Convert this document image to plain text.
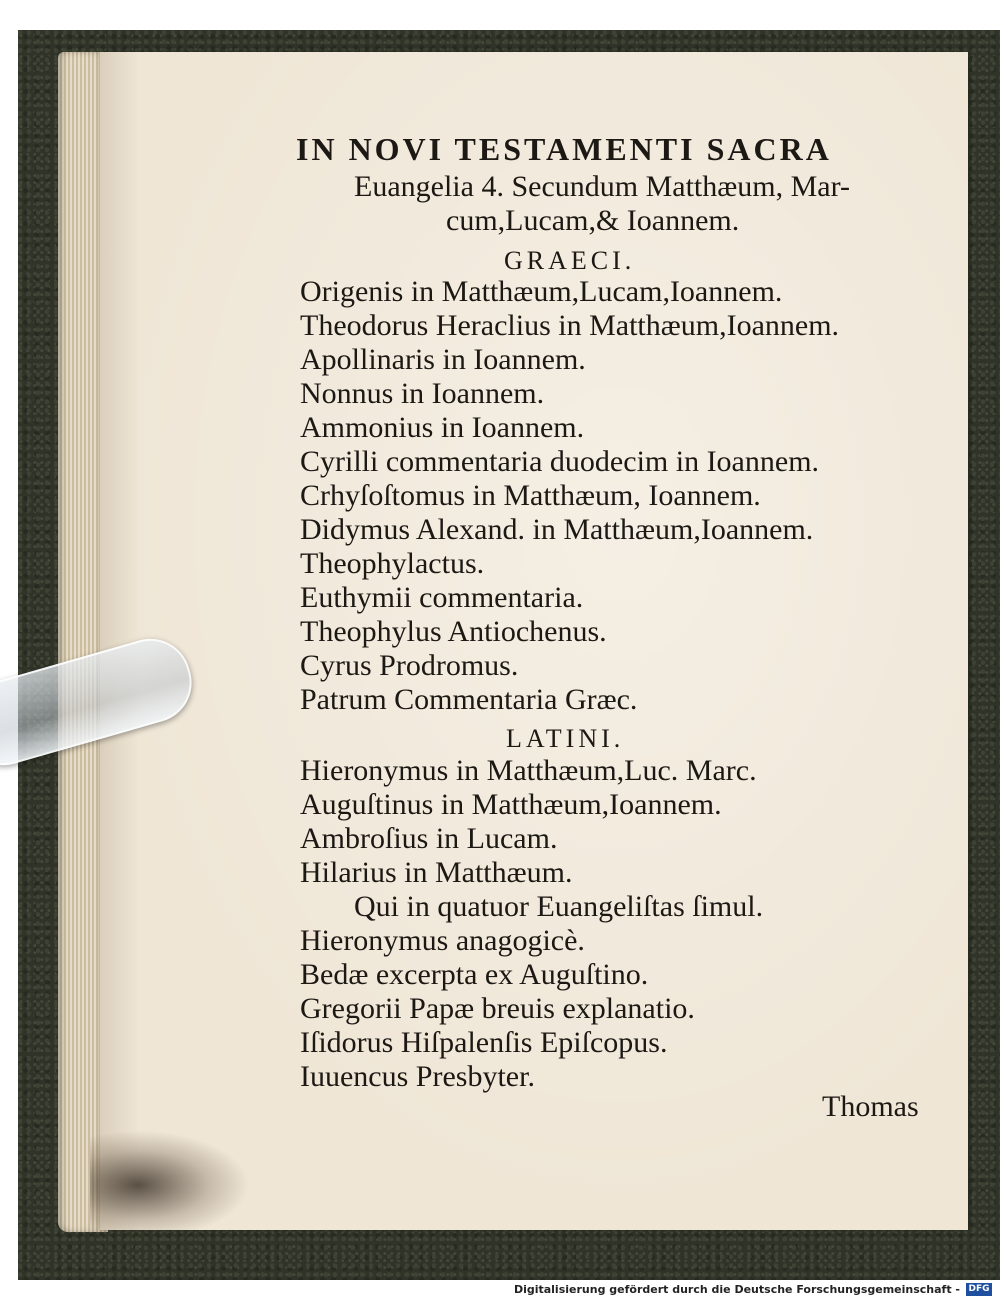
IN NOVI TESTAMENTI SACRA
Euangelia 4. Secundum Matthæum, Mar-
cum,Lucam,& Ioannem.
GRAECI.
Origenis in Matthæum,Lucam,Ioannem.
Theodorus Heraclius in Matthæum,Ioannem.
Apollinaris in Ioannem.
Nonnus in Ioannem.
Ammonius in Ioannem.
Cyrilli commentaria duodecim in Ioannem.
Crhyſoſtomus in Matthæum, Ioannem.
Didymus Alexand. in Matthæum,Ioannem.
Theophylactus.
Euthymii commentaria.
Theophylus Antiochenus.
Cyrus Prodromus.
Patrum Commentaria Græc.
LATINI.
Hieronymus in Matthæum,Luc. Marc.
Auguſtinus in Matthæum,Ioannem.
Ambroſius in Lucam.
Hilarius in Matthæum.
Qui in quatuor Euangeliſtas ſimul.
Hieronymus anagogicè.
Bedæ excerpta ex Auguſtino.
Gregorii Papæ breuis explanatio.
Iſidorus Hiſpalenſis Epiſcopus.
Iuuencus Presbyter.
Thomas
Digitalisierung gefördert durch die Deutsche Forschungsgemeinschaft - DFG
